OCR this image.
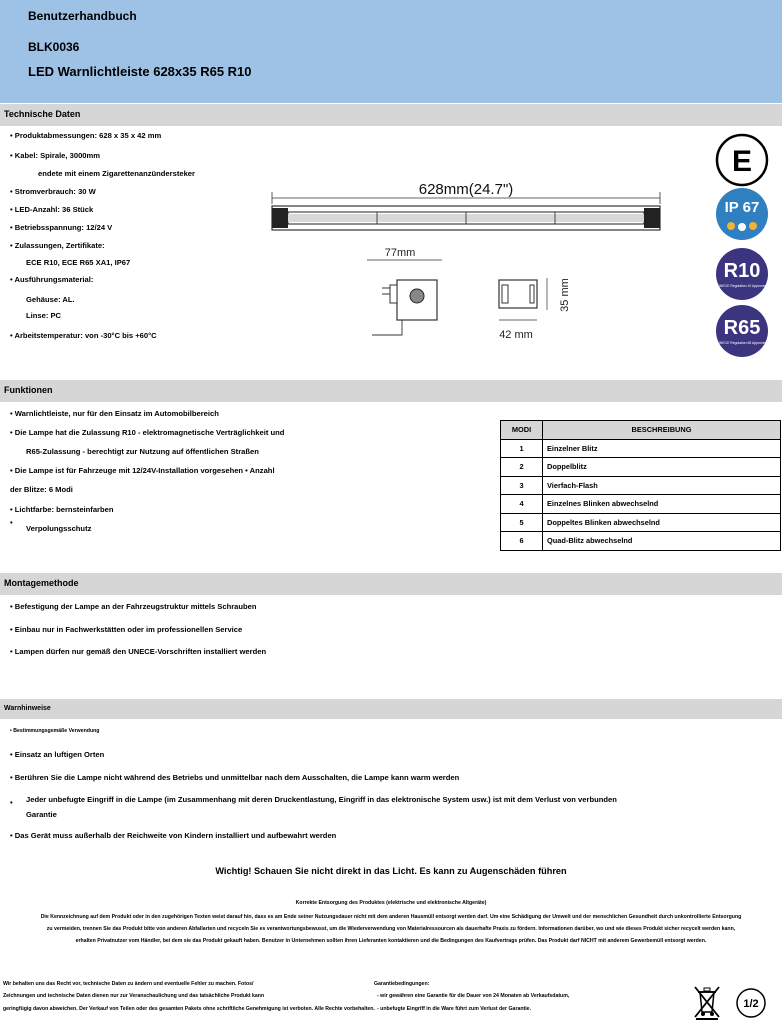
Benutzerhandbuch
BLK0036
LED Warnlichtleiste 628x35 R65 R10
Technische Daten
• Produktabmessungen: 628 x 35 x 42 mm
• Kabel: Spirale, 3000mm
endete mit einem Zigarettenanzündersteker
• Stromverbrauch: 30 W
• LED-Anzahl: 36 Stück
• Betriebsspannung: 12/24 V
• Zulassungen, Zertifikate:
ECE R10, ECE R65 XA1, IP67
• Ausführungsmaterial:
Gehäuse: AL.
Linse: PC
• Arbeitstemperatur: von -30°C bis +60°C
628mm(24.7")
77mm
35 mm
42 mm
E
IP 67
R10
UNECE Regulation 10 Approved
R65
UNECE Regulation 65 Approved
Funktionen
• Warnlichtleiste, nur für den Einsatz im Automobilbereich
• Die Lampe hat die Zulassung R10 - elektromagnetische Verträglichkeit und
R65-Zulassung - berechtigt zur Nutzung auf öffentlichen Straßen
• Die Lampe ist für Fahrzeuge mit 12/24V-Installation vorgesehen • Anzahl
der Blitze: 6 Modi
• Lichtfarbe: bernsteinfarben
•
Verpolungsschutz
MODI	BESCHREIBUNG
1	Einzelner Blitz
2	Doppelblitz
3	Vierfach-Flash
4	Einzelnes Blinken abwechselnd
5	Doppeltes Blinken abwechselnd
6	Quad-Blitz abwechselnd
Montagemethode
• Befestigung der Lampe an der Fahrzeugstruktur mittels Schrauben
• Einbau nur in Fachwerkstätten oder im professionellen Service
• Lampen dürfen nur gemäß den UNECE-Vorschriften installiert werden
Warnhinweise
• Bestimmungsgemäße Verwendung
• Einsatz an luftigen Orten
• Berühren Sie die Lampe nicht während des Betriebs und unmittelbar nach dem Ausschalten, die Lampe kann warm werden
• Jeder unbefugte Eingriff in die Lampe (im Zusammenhang mit deren Druckentlastung, Eingriff in das elektronische System usw.) ist mit dem Verlust von verbunden
Garantie
• Das Gerät muss außerhalb der Reichweite von Kindern installiert und aufbewahrt werden
Wichtig! Schauen Sie nicht direkt in das Licht. Es kann zu Augenschäden führen
Korrekte Entsorgung des Produktes (elektrische und elektronische Altgeräte)
Die Kennzeichnung auf dem Produkt oder in den zugehörigen Texten weist darauf hin, dass es am Ende seiner Nutzungsdauer nicht mit dem anderen Hausmüll entsorgt werden darf. Um eine Schädigung der Umwelt und der menschlichen Gesundheit durch unkontrollierte Entsorgung
zu vermeiden, trennen Sie das Produkt bitte von anderen Abfallarten und recyceln Sie es verantwortungsbewusst, um die Wiederverwendung von Materialressourcen als dauerhafte Praxis zu fördern. Informationen darüber, wo und wie dieses Produkt sicher recycelt werden kann,
erhalten Privatnutzer vom Händler, bei dem sie das Produkt gekauft haben. Benutzer in Unternehmen sollten ihren Lieferanten kontaktieren und die Bedingungen des Kaufvertrags prüfen. Das Produkt darf NICHT mit anderem Gewerbemüll entsorgt werden.
Wir behalten uns das Recht vor, technische Daten zu ändern und eventuelle Fehler zu machen. Fotos/
Zeichnungen und technische Daten dienen nur zur Veranschaulichung und das tatsächliche Produkt kann
geringfügig davon abweichen. Der Verkauf von Teilen oder des gesamten Pakets ohne schriftliche Genehmigung ist verboten. Alle Rechte vorbehalten.
Garantiebedingungen:
- wir gewähren eine Garantie für die Dauer von 24 Monaten ab Verkaufsdatum,
- unbefugte Eingriff in die Ware führt zum Verlust der Garantie.	1/2
